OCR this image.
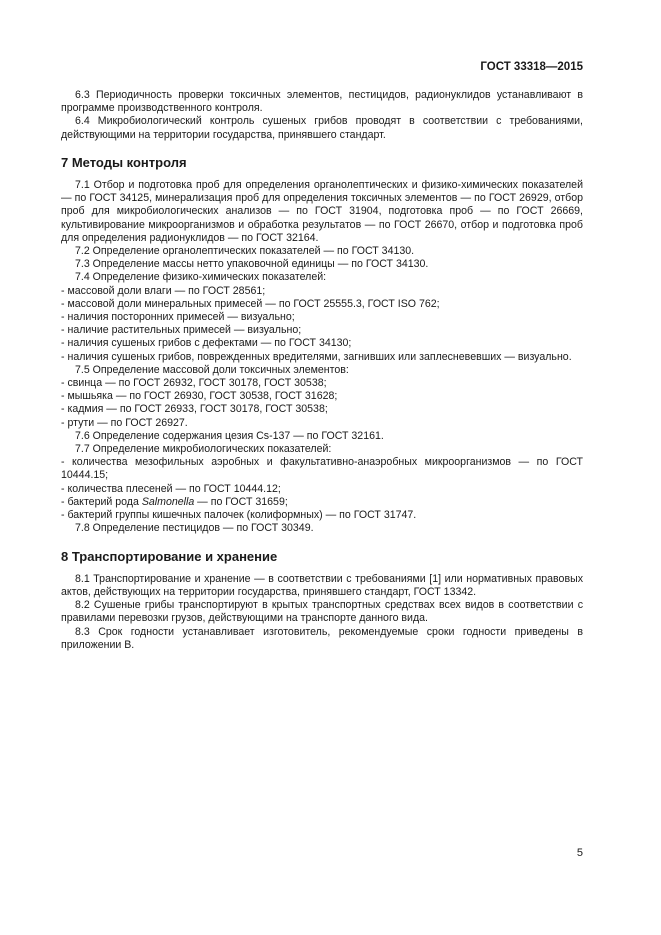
ГОСТ 33318—2015

6.3 Периодичность проверки токсичных элементов, пестицидов, радионуклидов устанавливают в программе производственного контроля.

6.4 Микробиологический контроль сушеных грибов проводят в соответствии с требованиями, действующими на территории государства, принявшего стандарт.

7 Методы контроля

7.1 Отбор и подготовка проб для определения органолептических и физико-химических показателей — по ГОСТ 34125, минерализация проб для определения токсичных элементов — по ГОСТ 26929, отбор проб для микробиологических анализов — по ГОСТ 31904, подготовка проб — по ГОСТ 26669, культивирование микроорганизмов и обработка результатов — по ГОСТ 26670, отбор и подготовка проб для определения радионуклидов — по ГОСТ 32164.

7.2 Определение органолептических показателей — по ГОСТ 34130.

7.3 Определение массы нетто упаковочной единицы — по ГОСТ 34130.

7.4 Определение физико-химических показателей:

- массовой доли влаги — по ГОСТ 28561;

- массовой доли минеральных примесей — по ГОСТ 25555.3, ГОСТ ISO 762;

- наличия посторонних примесей — визуально;

- наличие растительных примесей — визуально;

- наличия сушеных грибов с дефектами — по ГОСТ 34130;

- наличия сушеных грибов, поврежденных вредителями, загнивших или заплесневевших — визуально.

7.5 Определение массовой доли токсичных элементов:

- свинца — по ГОСТ 26932, ГОСТ 30178, ГОСТ 30538;

- мышьяка — по ГОСТ 26930, ГОСТ 30538, ГОСТ 31628;

- кадмия — по ГОСТ 26933, ГОСТ 30178, ГОСТ 30538;

- ртути — по ГОСТ 26927.

7.6 Определение содержания цезия Cs-137 — по ГОСТ 32161.

7.7 Определение микробиологических показателей:

- количества мезофильных аэробных и факультативно-анаэробных микроорганизмов — по ГОСТ 10444.15;

- количества плесеней — по ГОСТ 10444.12;

- бактерий рода Salmonella — по ГОСТ 31659;

- бактерий группы кишечных палочек (колиформных) — по ГОСТ 31747.

7.8 Определение пестицидов — по ГОСТ 30349.

8 Транспортирование и хранение

8.1 Транспортирование и хранение — в соответствии с требованиями [1] или нормативных правовых актов, действующих на территории государства, принявшего стандарт, ГОСТ 13342.

8.2 Сушеные грибы транспортируют в крытых транспортных средствах всех видов в соответствии с правилами перевозки грузов, действующими на транспорте данного вида.

8.3 Срок годности устанавливает изготовитель, рекомендуемые сроки годности приведены в приложении В.

5
